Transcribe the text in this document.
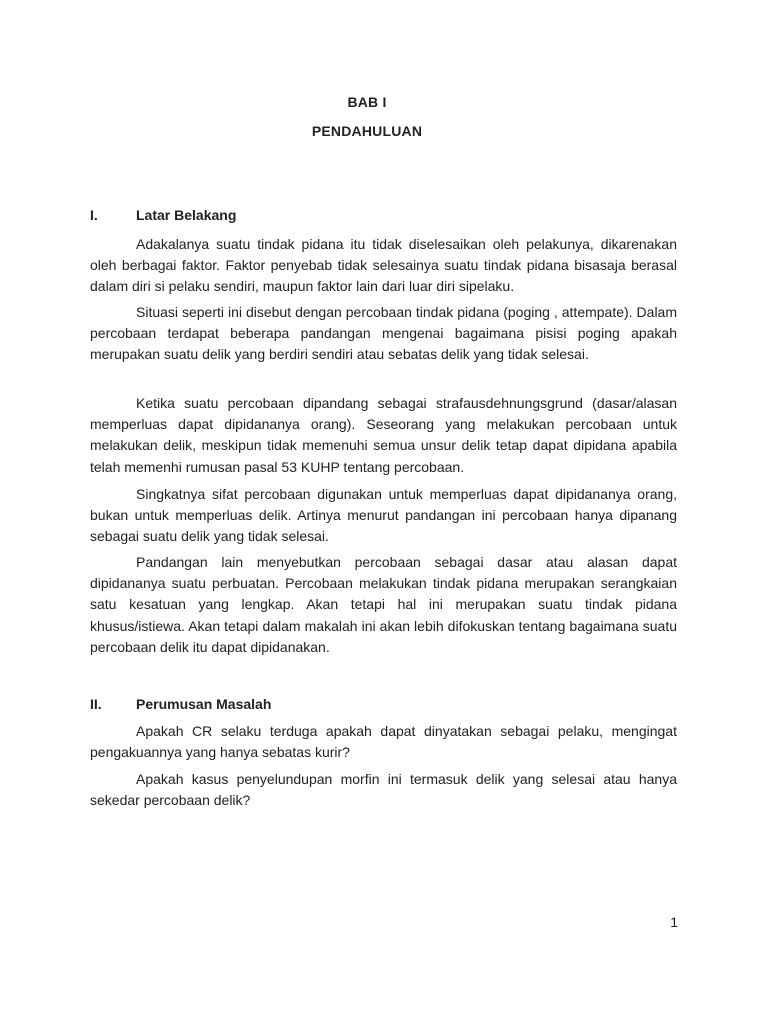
BAB I
PENDAHULUAN
I.	Latar Belakang

Adakalanya suatu tindak pidana itu tidak diselesaikan oleh pelakunya, dikarenakan oleh berbagai faktor. Faktor penyebab tidak selesainya suatu tindak pidana bisasaja berasal dalam diri si pelaku sendiri, maupun faktor lain dari luar diri sipelaku.

Situasi seperti ini disebut dengan percobaan tindak pidana (poging , attempate). Dalam percobaan terdapat beberapa pandangan mengenai bagaimana pisisi poging apakah merupakan suatu delik yang berdiri sendiri atau sebatas delik yang tidak selesai.

Ketika suatu percobaan dipandang sebagai strafausdehnungsgrund (dasar/alasan memperluas dapat dipidananya orang). Seseorang yang melakukan percobaan untuk melakukan delik, meskipun tidak memenuhi semua unsur delik tetap dapat dipidana apabila telah memenhi rumusan pasal 53 KUHP tentang percobaan.

Singkatnya sifat percobaan digunakan untuk memperluas dapat dipidananya orang, bukan untuk memperluas delik. Artinya menurut pandangan ini percobaan hanya dipanang sebagai suatu delik yang tidak selesai.

Pandangan lain menyebutkan percobaan sebagai dasar atau alasan dapat dipidananya suatu perbuatan. Percobaan melakukan tindak pidana merupakan serangkaian satu kesatuan yang lengkap. Akan tetapi hal ini merupakan suatu tindak pidana khusus/istiewa. Akan tetapi dalam makalah ini akan lebih difokuskan tentang bagaimana suatu percobaan delik itu dapat dipidanakan.

II. Perumusan Masalah

Apakah CR selaku terduga apakah dapat dinyatakan sebagai pelaku, mengingat pengakuannya yang hanya sebatas kurir?

Apakah kasus penyelundupan morfin ini termasuk delik yang selesai atau hanya sekedar percobaan delik?

1
